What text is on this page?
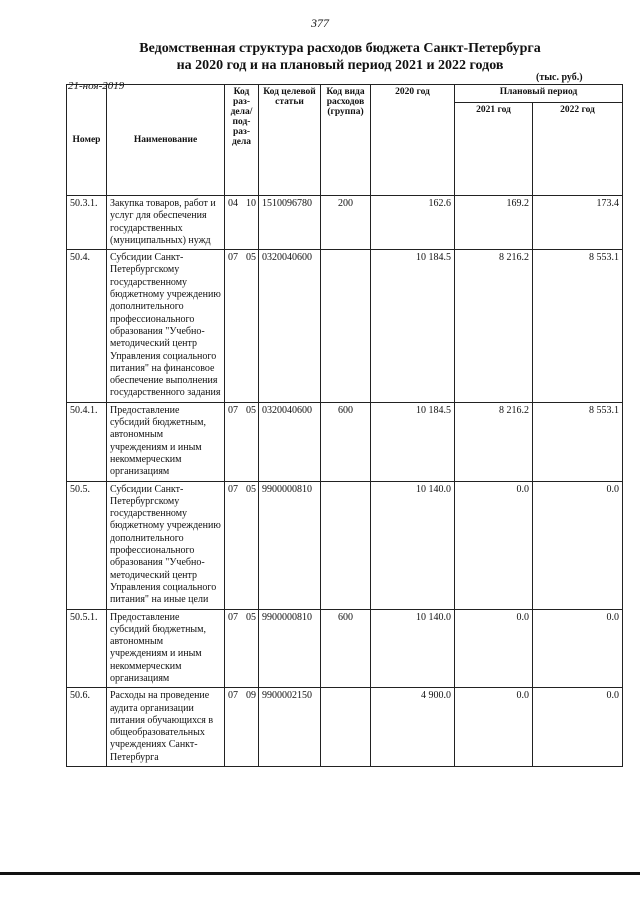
377
Ведомственная структура расходов бюджета Санкт-Петербурга
на 2020 год и на плановый период 2021 и 2022 годов
21-ноя-2019
(тыс. руб.)
Номер	Наименование	Код раз-дела/ под-раз-дела	Код целевой статьи	Код вида расходов (группа)	2020 год	Плановый период	
						2021 год	2022 год
50.3.1.	Закупка товаров, работ и услуг для обеспечения государственных (муниципальных) нужд	04 10	1510096780	200	162.6	169.2	173.4
50.4.	Субсидии Санкт-Петербургскому государственному бюджетному учреждению дополнительного профессионального образования "Учебно-методический центр Управления социального питания" на финансовое обеспечение выполнения государственного задания	07 05	0320040600		10 184.5	8 216.2	8 553.1
50.4.1.	Предоставление субсидий бюджетным, автономным учреждениям и иным некоммерческим организациям	07 05	0320040600	600	10 184.5	8 216.2	8 553.1
50.5.	Субсидии Санкт-Петербургскому государственному бюджетному учреждению дополнительного профессионального образования "Учебно-методический центр Управления социального питания" на иные цели	07 05	9900000810		10 140.0	0.0	0.0
50.5.1.	Предоставление субсидий бюджетным, автономным учреждениям и иным некоммерческим организациям	07 05	9900000810	600	10 140.0	0.0	0.0
50.6.	Расходы на проведение аудита организации питания обучающихся в общеобразовательных учреждениях Санкт-Петербурга	07 09	9900002150		4 900.0	0.0	0.0
